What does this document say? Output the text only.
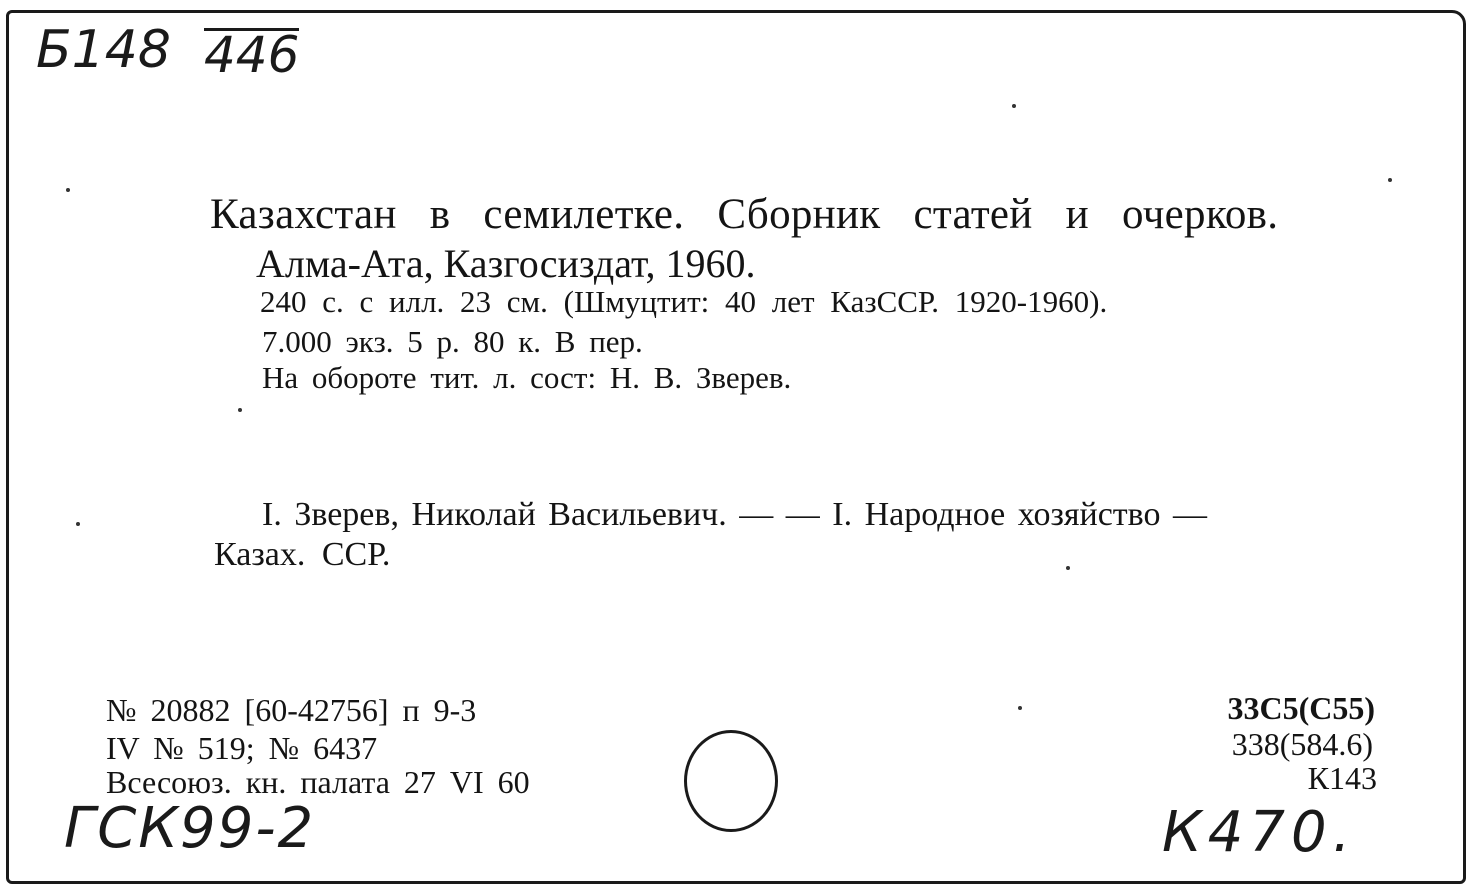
Б148 446
ГСК99-2	К470.
Казахстан в семилетке. Сборник статей и очерков.
Алма-Ата, Казгосиздат, 1960.
240 с. с илл. 23 см. (Шмуцтит: 40 лет КазССР. 1920-1960).
7.000 экз. 5 р. 80 к. В пер.
На обороте тит. л. сост: Н. В. Зверев.
I. Зверев, Николай Васильевич. — — I. Народное хозяйство —
Казах. ССР.
№ 20882 [60-42756] п 9-3
IV № 519; № 6437
Всесоюз. кн. палата 27 VI 60
33С5(С55)
338(584.6)
К143
